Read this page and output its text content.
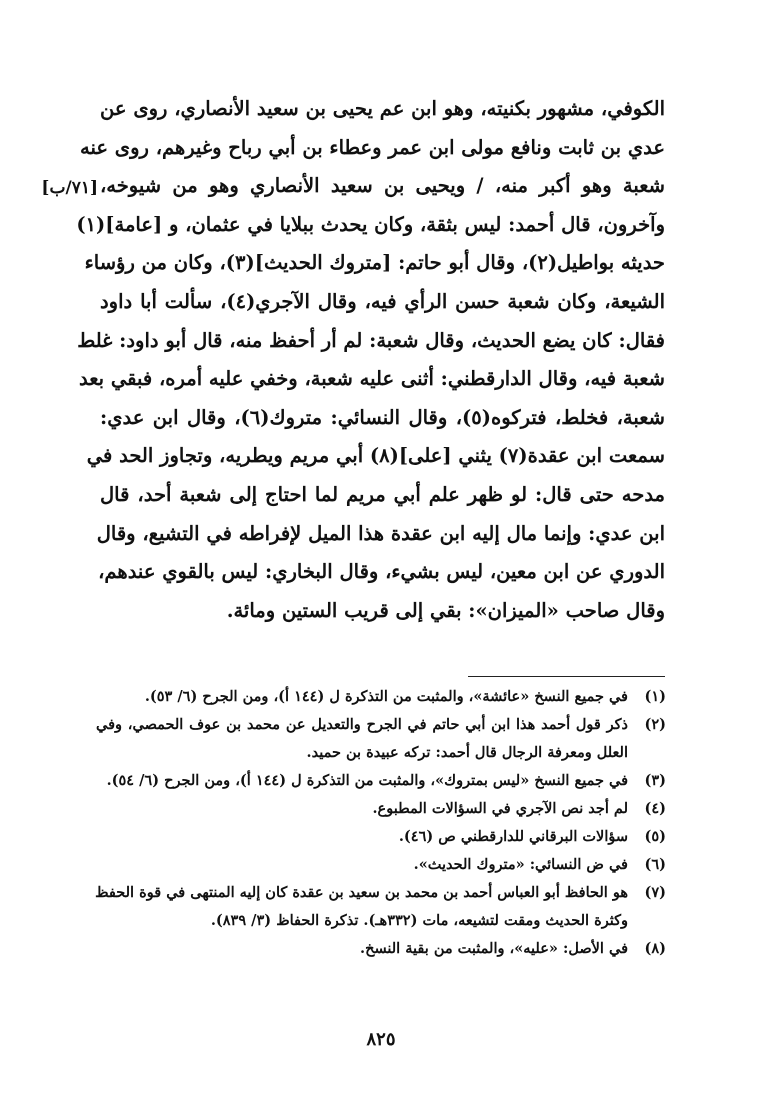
الكوفي، مشهور بكنيته، وهو ابن عم يحيى بن سعيد الأنصاري، روى عن
عدي بن ثابت ونافع مولى ابن عمر وعطاء بن أبي رباح وغيرهم، روى عنه
شعبة وهو أكبر منه، / ويحيى بن سعيد الأنصاري وهو من شيوخه،
وآخرون، قال أحمد: ليس بثقة، وكان يحدث ببلايا في عثمان، و [عامة](١)
حديثه بواطيل(٢)، وقال أبو حاتم: [متروك الحديث](٣)، وكان من رؤساء
الشيعة، وكان شعبة حسن الرأي فيه، وقال الآجري(٤)، سألت أبا داود
فقال: كان يضع الحديث، وقال شعبة: لم أر أحفظ منه، قال أبو داود: غلط
شعبة فيه، وقال الدارقطني: أثنى عليه شعبة، وخفي عليه أمره، فبقي بعد
شعبة، فخلط، فتركوه(٥)، وقال النسائي: متروك(٦)، وقال ابن عدي:
سمعت ابن عقدة(٧) يثني [على](٨) أبي مريم ويطريه، وتجاوز الحد في
مدحه حتى قال: لو ظهر علم أبي مريم لما احتاج إلى شعبة أحد، قال
ابن عدي: وإنما مال إليه ابن عقدة هذا الميل لإفراطه في التشيع، وقال
الدوري عن ابن معين، ليس بشيء، وقال البخاري: ليس بالقوي عندهم،
وقال صاحب «الميزان»: بقي إلى قريب الستين ومائة.
[٧١/ب]
(١)
في جميع النسخ «عائشة»، والمثبت من التذكرة ل (١٤٤ أ)، ومن الجرح (٦/ ٥٣).
(٢)
ذكر قول أحمد هذا ابن أبي حاتم في الجرح والتعديل عن محمد بن عوف الحمصي، وفي
العلل ومعرفة الرجال قال أحمد: تركه عبيدة بن حميد.
(٣)
في جميع النسخ «ليس بمتروك»، والمثبت من التذكرة ل (١٤٤ أ)، ومن الجرح (٦/ ٥٤).
(٤)
لم أجد نص الآجري في السؤالات المطبوع.
(٥)
سؤالات البرقاني للدارقطني ص (٤٦).
(٦)
في ض النسائي: «متروك الحديث».
(٧)
هو الحافظ أبو العباس أحمد بن محمد بن سعيد بن عقدة كان إليه المنتهى في قوة الحفظ
وكثرة الحديث ومقت لتشيعه، مات (٣٣٢هـ). تذكرة الحفاظ (٣/ ٨٣٩).
(٨)
في الأصل: «عليه»، والمثبت من بقية النسخ.
٨٢٥
